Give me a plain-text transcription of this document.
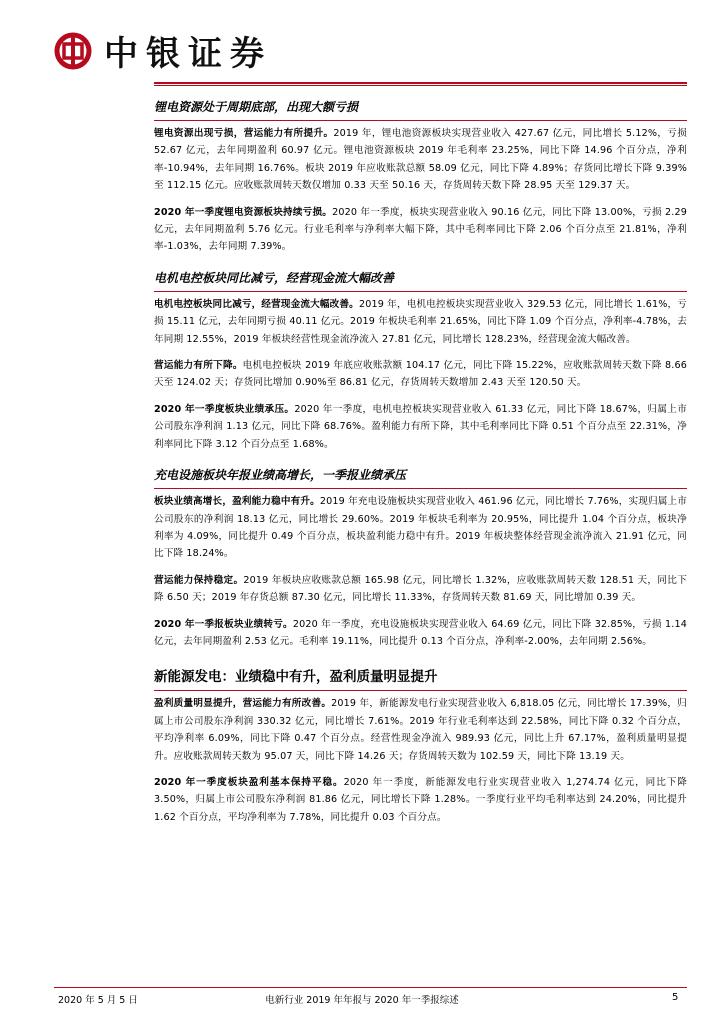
中银证券
锂电资源处于周期底部，出现大额亏损

锂电资源出现亏损，营运能力有所提升。2019 年，锂电池资源板块实现营业收入 427.67 亿元，同比增长 5.12%，亏损 52.67 亿元，去年同期盈利 60.97 亿元。锂电池资源板块 2019 年毛利率 23.25%，同比下降 14.96 个百分点，净利率-10.94%，去年同期 16.76%。板块 2019 年应收账款总额 58.09 亿元，同比下降 4.89%；存货同比增长下降 9.39%至 112.15 亿元。应收账款周转天数仅增加 0.33 天至 50.16 天，存货周转天数下降 28.95 天至 129.37 天。

2020 年一季度锂电资源板块持续亏损。2020 年一季度，板块实现营业收入 90.16 亿元，同比下降 13.00%，亏损 2.29 亿元，去年同期盈利 5.76 亿元。行业毛利率与净利率大幅下降，其中毛利率同比下降 2.06 个百分点至 21.81%，净利率-1.03%，去年同期 7.39%。

电机电控板块同比减亏，经营现金流大幅改善

电机电控板块同比减亏，经营现金流大幅改善。2019 年，电机电控板块实现营业收入 329.53 亿元，同比增长 1.61%，亏损 15.11 亿元，去年同期亏损 40.11 亿元。2019 年板块毛利率 21.65%，同比下降 1.09 个百分点，净利率-4.78%，去年同期 12.55%，2019 年板块经营性现金流净流入 27.81 亿元，同比增长 128.23%，经营现金流大幅改善。

营运能力有所下降。电机电控板块 2019 年底应收账款额 104.17 亿元，同比下降 15.22%，应收账款周转天数下降 8.66 天至 124.02 天；存货同比增加 0.90%至 86.81 亿元，存货周转天数增加 2.43 天至 120.50 天。

2020 年一季度板块业绩承压。2020 年一季度，电机电控板块实现营业收入 61.33 亿元，同比下降 18.67%，归属上市公司股东净利润 1.13 亿元，同比下降 68.76%。盈利能力有所下降，其中毛利率同比下降 0.51 个百分点至 22.31%，净利率同比下降 3.12 个百分点至 1.68%。

充电设施板块年报业绩高增长，一季报业绩承压

板块业绩高增长，盈利能力稳中有升。2019 年充电设施板块实现营业收入 461.96 亿元，同比增长 7.76%，实现归属上市公司股东的净利润 18.13 亿元，同比增长 29.60%。2019 年板块毛利率为 20.95%，同比提升 1.04 个百分点，板块净利率为 4.09%，同比提升 0.49 个百分点，板块盈利能力稳中有升。2019 年板块整体经营现金流净流入 21.91 亿元，同比下降 18.24%。

营运能力保持稳定。2019 年板块应收账款总额 165.98 亿元，同比增长 1.32%，应收账款周转天数 128.51 天，同比下降 6.50 天；2019 年存货总额 87.30 亿元，同比增长 11.33%，存货周转天数 81.69 天，同比增加 0.39 天。

2020 年一季报板块业绩转亏。2020 年一季度，充电设施板块实现营业收入 64.69 亿元，同比下降 32.85%，亏损 1.14 亿元，去年同期盈利 2.53 亿元。毛利率 19.11%，同比提升 0.13 个百分点，净利率-2.00%，去年同期 2.56%。

新能源发电：业绩稳中有升，盈利质量明显提升

盈利质量明显提升，营运能力有所改善。2019 年，新能源发电行业实现营业收入 6,818.05 亿元，同比增长 17.39%，归属上市公司股东净利润 330.32 亿元，同比增长 7.61%。2019 年行业毛利率达到 22.58%，同比下降 0.32 个百分点，平均净利率 6.09%，同比下降 0.47 个百分点。经营性现金净流入 989.93 亿元，同比上升 67.17%，盈利质量明显提升。应收账款周转天数为 95.07 天，同比下降 14.26 天；存货周转天数为 102.59 天，同比下降 13.19 天。

2020 年一季度板块盈利基本保持平稳。2020 年一季度，新能源发电行业实现营业收入 1,274.74 亿元，同比下降 3.50%，归属上市公司股东净利润 81.86 亿元，同比增长下降 1.28%。一季度行业平均毛利率达到 24.20%，同比提升 1.62 个百分点，平均净利率为 7.78%，同比提升 0.03 个百分点。

电新行业 2019 年年报与 2020 年一季报综述
2020 年 5 月 5 日	5
